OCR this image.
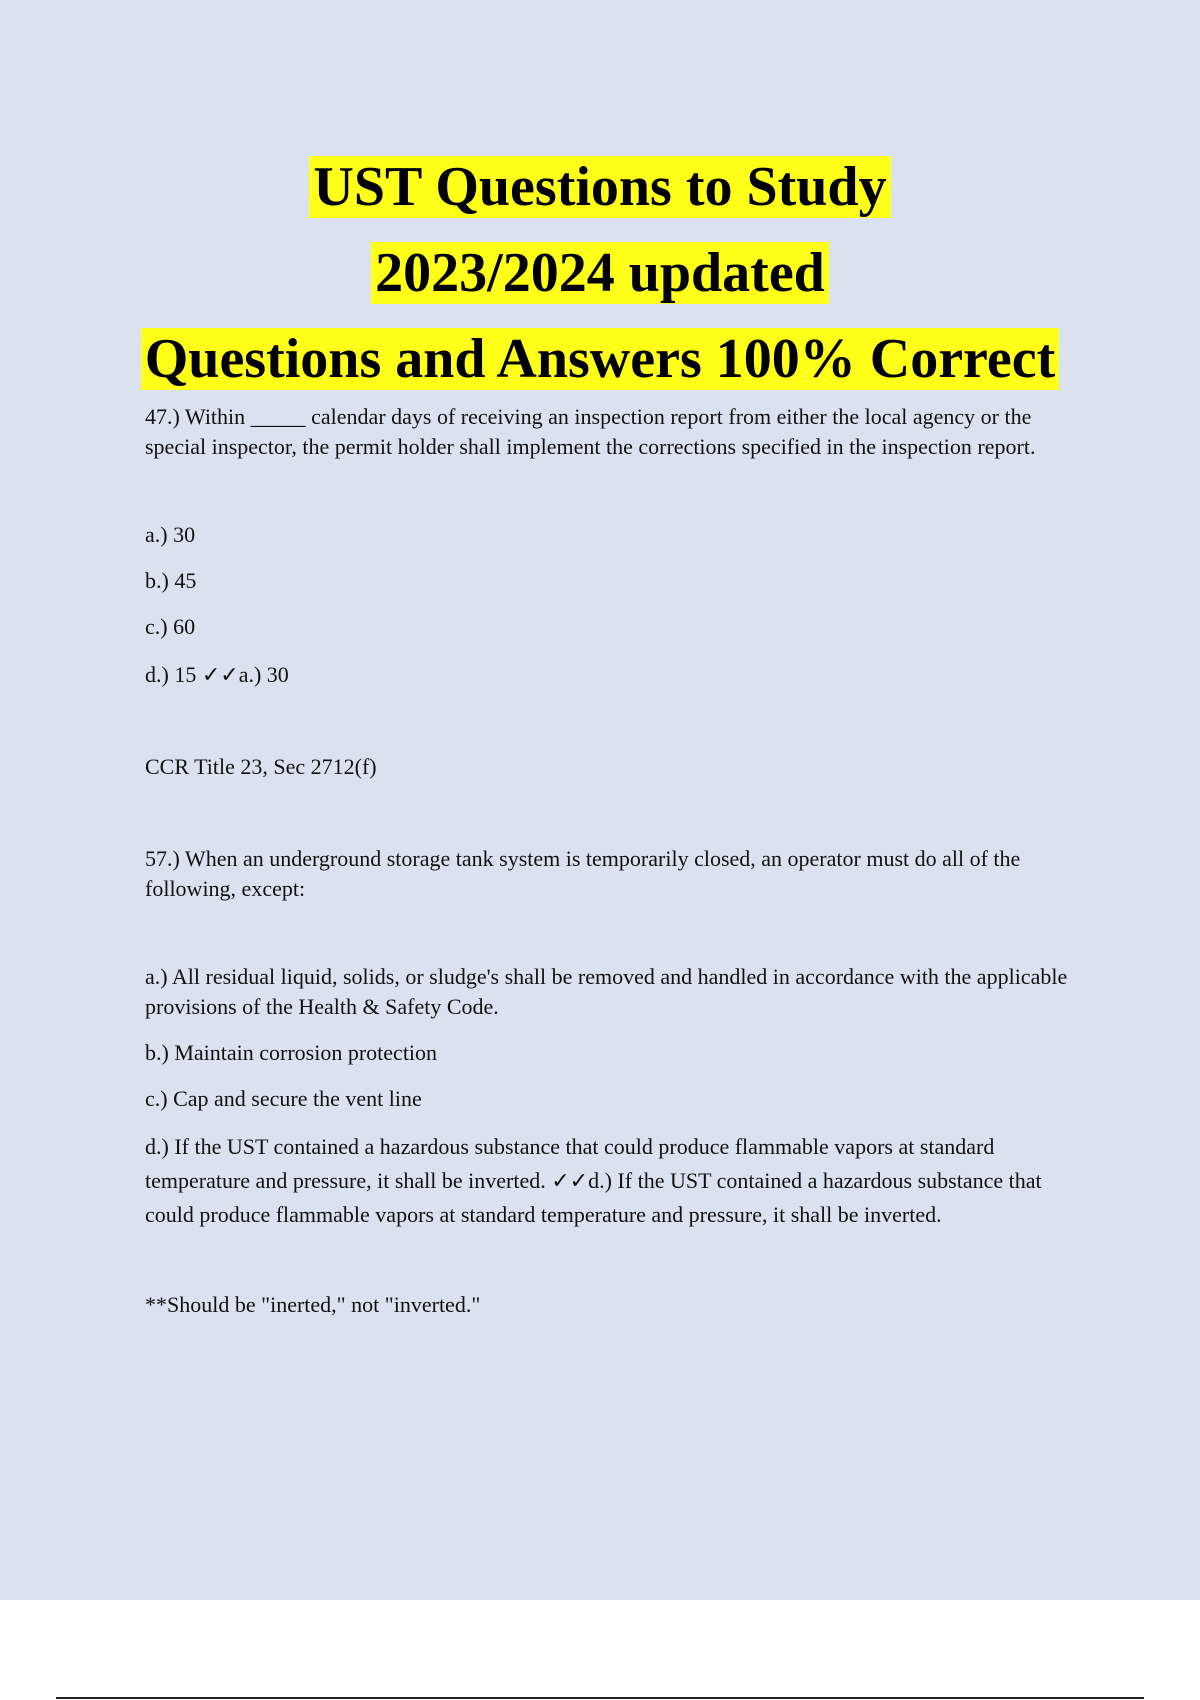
UST Questions to Study
2023/2024 updated
Questions and Answers 100% Correct

47.) Within _____ calendar days of receiving an inspection report from either the local agency or the special inspector, the permit holder shall implement the corrections specified in the inspection report.

a.) 30

b.) 45

c.) 60

d.) 15 ✓✓a.) 30

CCR Title 23, Sec 2712(f)

57.) When an underground storage tank system is temporarily closed, an operator must do all of the following, except:

a.) All residual liquid, solids, or sludge's shall be removed and handled in accordance with the applicable provisions of the Health & Safety Code.

b.) Maintain corrosion protection

c.) Cap and secure the vent line

d.) If the UST contained a hazardous substance that could produce flammable vapors at standard temperature and pressure, it shall be inverted. ✓✓d.) If the UST contained a hazardous substance that could produce flammable vapors at standard temperature and pressure, it shall be inverted.

**Should be "inerted," not "inverted."
